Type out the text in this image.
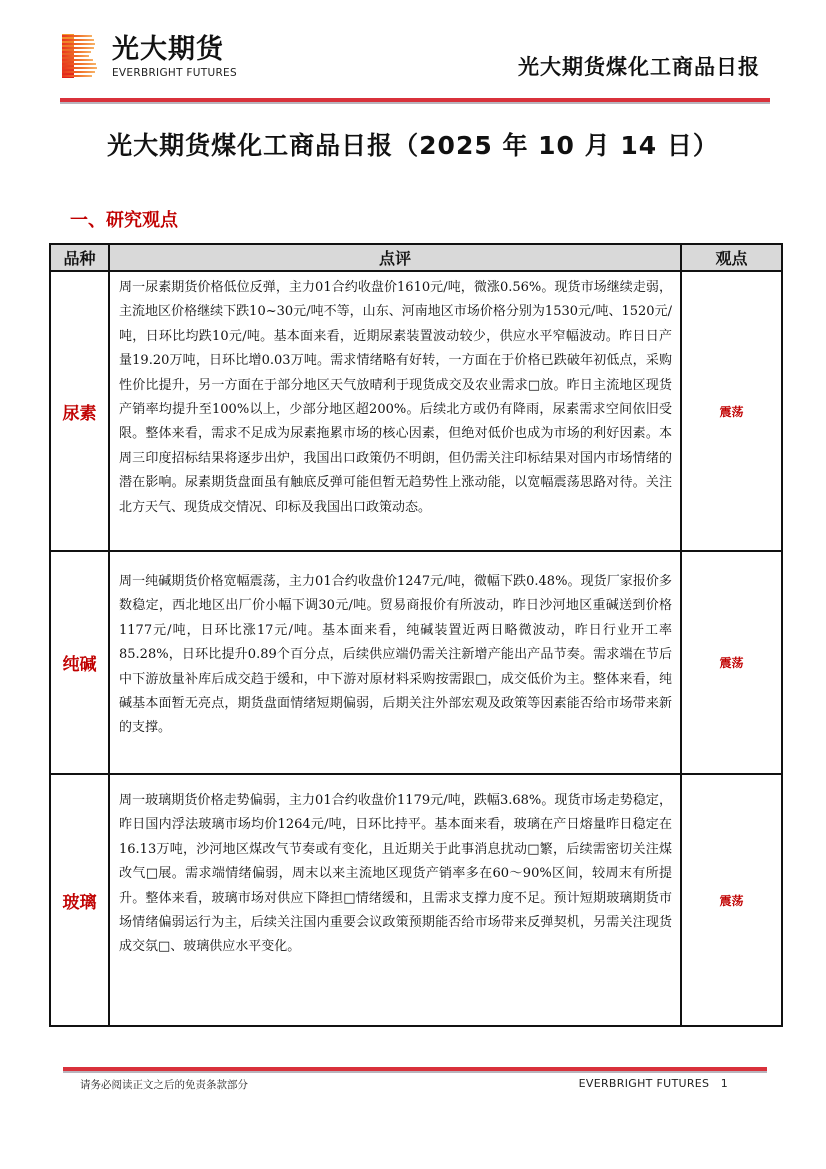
光大期货
EVERBRIGHT FUTURES	光大期货煤化工商品日报
光大期货煤化工商品日报（2025 年 10 月 14 日）
一、研究观点
品种	点评	观点
尿素	周一尿素期货价格低位反弹，主力01合约收盘价1610元/吨，微涨0.56%。现货市场继续走弱，主流地区价格继续下跌10~30元/吨不等，山东、河南地区市场价格分别为1530元/吨、1520元/吨，日环比均跌10元/吨。基本面来看，近期尿素装置波动较少，供应水平窄幅波动。昨日日产量19.20万吨，日环比增0.03万吨。需求情绪略有好转，一方面在于价格已跌破年初低点，采购性价比提升，另一方面在于部分地区天气放晴利于现货成交及农业需求□放。昨日主流地区现货产销率均提升至100%以上，少部分地区超200%。后续北方或仍有降雨，尿素需求空间依旧受限。整体来看，需求不足成为尿素拖累市场的核心因素，但绝对低价也成为市场的利好因素。本周三印度招标结果将逐步出炉，我国出口政策仍不明朗，但仍需关注印标结果对国内市场情绪的潜在影响。尿素期货盘面虽有触底反弹可能但暂无趋势性上涨动能，以宽幅震荡思路对待。关注北方天气、现货成交情况、印标及我国出口政策动态。	震荡
纯碱	周一纯碱期货价格宽幅震荡，主力01合约收盘价1247元/吨，微幅下跌0.48%。现货厂家报价多数稳定，西北地区出厂价小幅下调30元/吨。贸易商报价有所波动，昨日沙河地区重碱送到价格1177元/吨，日环比涨17元/吨。基本面来看，纯碱装置近两日略微波动，昨日行业开工率85.28%，日环比提升0.89个百分点，后续供应端仍需关注新增产能出产品节奏。需求端在节后中下游放量补库后成交趋于缓和，中下游对原材料采购按需跟□，成交低价为主。整体来看，纯碱基本面暂无亮点，期货盘面情绪短期偏弱，后期关注外部宏观及政策等因素能否给市场带来新的支撑。	震荡
玻璃	周一玻璃期货价格走势偏弱，主力01合约收盘价1179元/吨，跌幅3.68%。现货市场走势稳定，昨日国内浮法玻璃市场均价1264元/吨，日环比持平。基本面来看，玻璃在产日熔量昨日稳定在16.13万吨，沙河地区煤改气节奏或有变化，且近期关于此事消息扰动□繁，后续需密切关注煤改气□展。需求端情绪偏弱，周末以来主流地区现货产销率多在60～90%区间，较周末有所提升。整体来看，玻璃市场对供应下降担□情绪缓和，且需求支撑力度不足。预计短期玻璃期货市场情绪偏弱运行为主，后续关注国内重要会议政策预期能否给市场带来反弹契机，另需关注现货成交氛□、玻璃供应水平变化。	震荡
请务必阅读正文之后的免责条款部分	EVERBRIGHT FUTURES 1
